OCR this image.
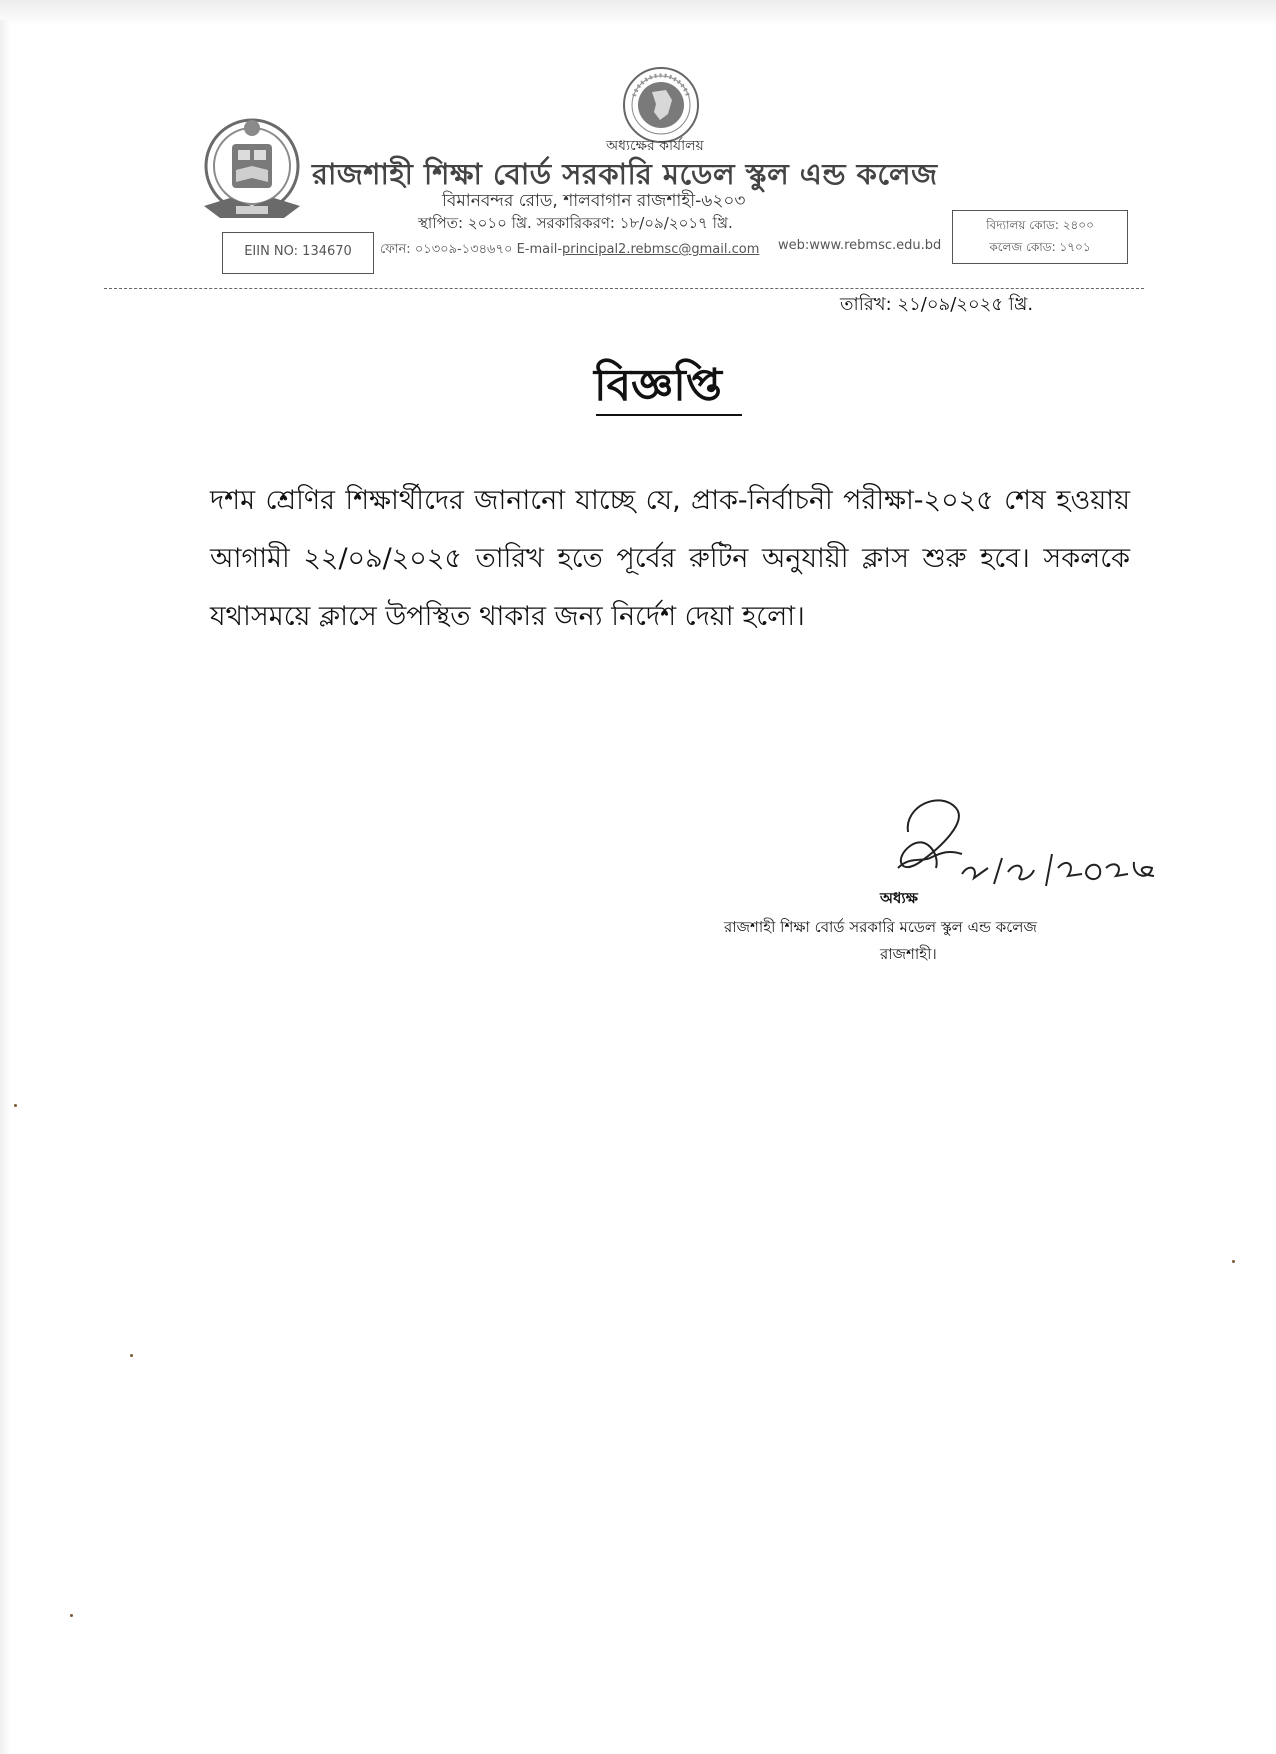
অধ্যক্ষের কার্যালয়
রাজশাহী শিক্ষা বোর্ড সরকারি মডেল স্কুল এন্ড কলেজ
বিমানবন্দর রোড, শালবাগান রাজশাহী-৬২০৩
স্থাপিত: ২০১০ খ্রি. সরকারিকরণ: ১৮/০৯/২০১৭ খ্রি.
EIIN NO: 134670	ফোন: ০১৩০৯-১৩৪৬৭০ E-mail-principal2.rebmsc@gmail.com web:www.rebmsc.edu.bd
বিদ্যালয় কোড: ২৪০০
কলেজ কোড: ১৭০১
তারিখ: ২১/০৯/২০২৫ খ্রি.
বিজ্ঞপ্তি
দশম শ্রেণির শিক্ষার্থীদের জানানো যাচ্ছে যে, প্রাক-নির্বাচনী পরীক্ষা-২০২৫ শেষ হওয়ায় আগামী ২২/০৯/২০২৫ তারিখ হতে পূর্বের রুটিন অনুযায়ী ক্লাস শুরু হবে। সকলকে যথাসময়ে ক্লাসে উপস্থিত থাকার জন্য নির্দেশ দেয়া হলো।
অধ্যক্ষ
রাজশাহী শিক্ষা বোর্ড সরকারি মডেল স্কুল এন্ড কলেজ
রাজশাহী।
